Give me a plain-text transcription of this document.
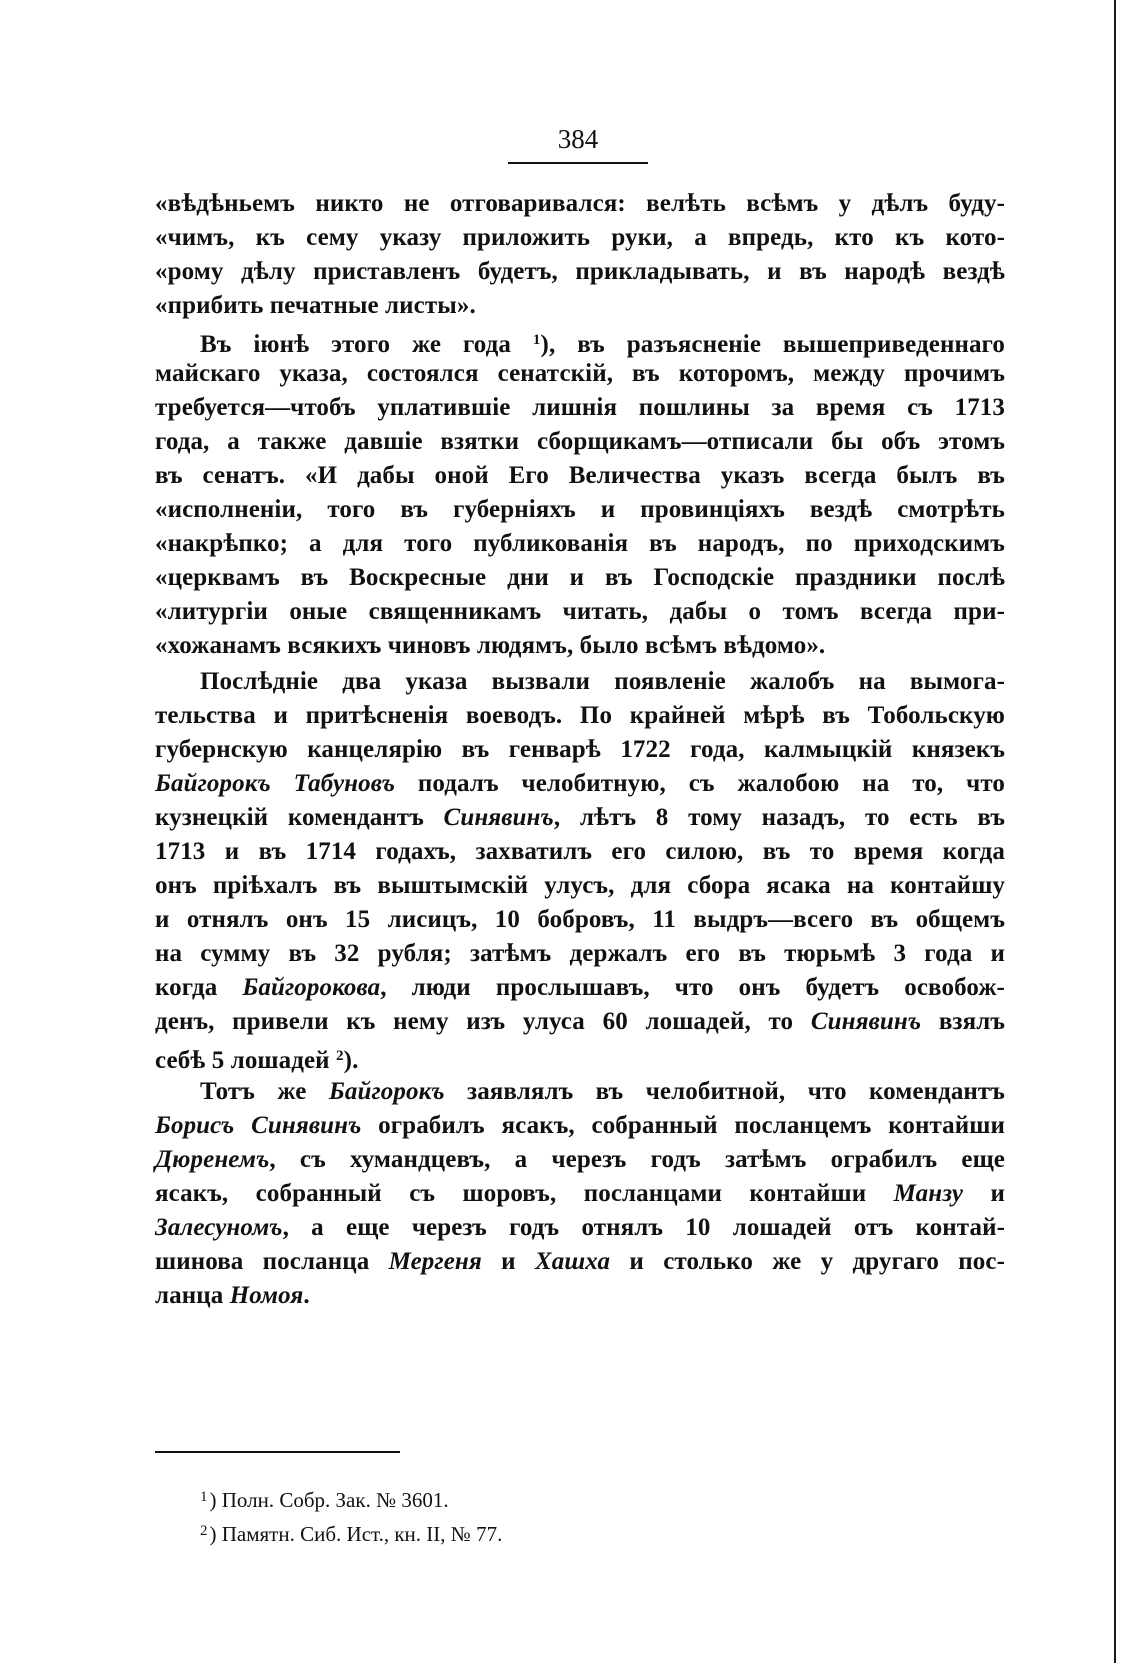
384
«вѣдѣньемъ никто не отговаривался: велѣть всѣмъ у дѣлъ буду-
«чимъ, къ сему указу приложить руки, а впредь, кто къ кото-
«рому дѣлу приставленъ будетъ, прикладывать, и въ народѣ вездѣ
«прибить печатные листы».
Въ іюнѣ этого же года $^1$), въ разъясненіе вышеприведеннаго
майскаго указа, состоялся сенатскій, въ которомъ, между прочимъ
требуется—чтобъ уплатившіе лишнія пошлины за время съ 1713
года, а также давшіе взятки сборщикамъ—отписали бы объ этомъ
въ сенатъ. «И дабы оной Его Величества указъ всегда былъ въ
«исполненіи, того въ губерніяхъ и провинціяхъ вездѣ смотрѣть
«накрѣпко; а для того публикованія въ народъ, по приходскимъ
«церквамъ въ Воскресные дни и въ Господскіе праздники послѣ
«литургіи оные священникамъ читать, дабы о томъ всегда при-
«хожанамъ всякихъ чиновъ людямъ, было всѣмъ вѣдомо».
Послѣдніе два указа вызвали появленіе жалобъ на вымога-
тельства и притѣсненія воеводъ. По крайней мѣрѣ въ Тобольскую
губернскую канцелярію въ генварѣ 1722 года, калмыцкій князекъ
Байгорокъ Табуновъ подалъ челобитную, съ жалобою на то, что
кузнецкій комендантъ Синявинъ, лѣтъ 8 тому назадъ, то есть въ
1713 и въ 1714 годахъ, захватилъ его силою, въ то время когда
онъ пріѣхалъ въ выштымскій улусъ, для сбора ясака на контайшу
и отнялъ онъ 15 лисицъ, 10 бобровъ, 11 выдръ—всего въ общемъ
на сумму въ 32 рубля; затѣмъ держалъ его въ тюрьмѣ 3 года и
когда Байгорокова, люди прослышавъ, что онъ будетъ освобож-
денъ, привели къ нему изъ улуса 60 лошадей, то Синявинъ взялъ
себѣ 5 лошадей $^2$).
Тотъ же Байгорокъ заявлялъ въ челобитной, что комендантъ
Борисъ Синявинъ ограбилъ ясакъ, собранный посланцемъ контайши
Дюренемъ, съ хумандцевъ, а черезъ годъ затѣмъ ограбилъ еще
ясакъ, собранный съ шоровъ, посланцами контайши Манзу и
Залесуномъ, а еще черезъ годъ отнялъ 10 лошадей отъ контай-
шинова посланца Мергеня и Хашха и столько же у другаго пос-
ланца Номоя.
$^1$) Полн. Собр. Зак. № 3601.
$^2$) Памятн. Сиб. Ист., кн. II, № 77.
